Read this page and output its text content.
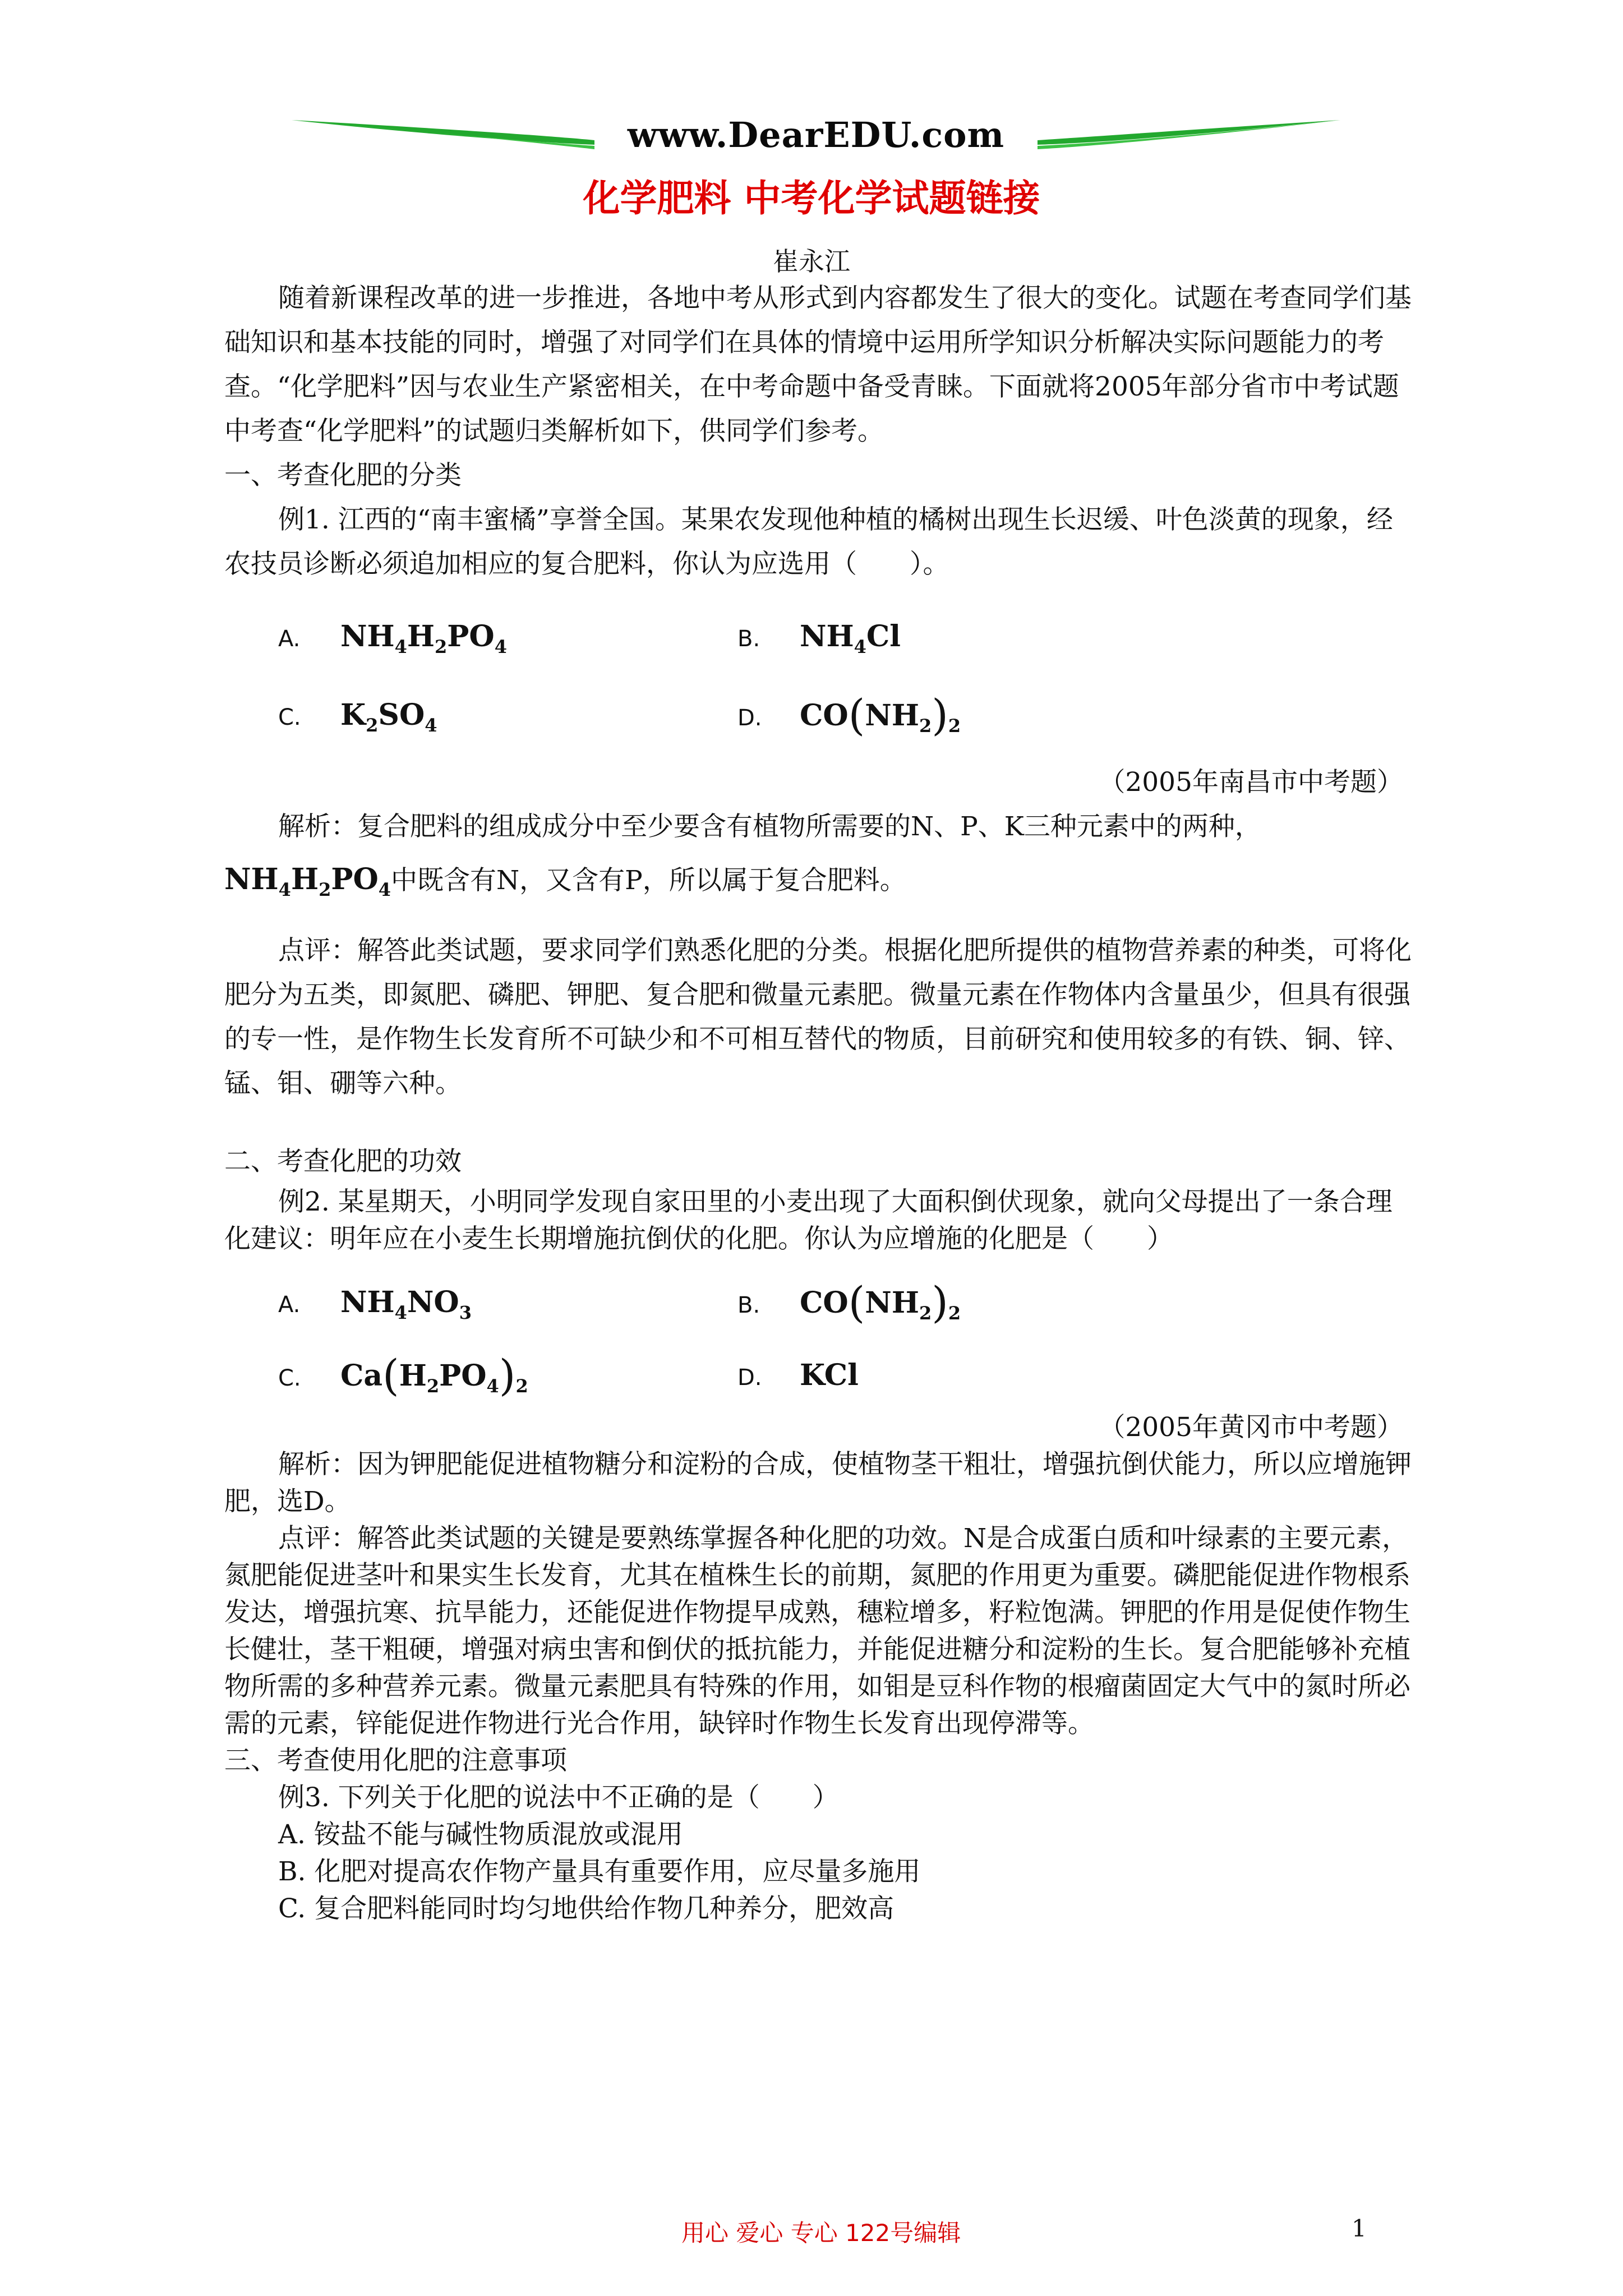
www.DearEDU.com
化学肥料 中考化学试题链接
崔永江

随着新课程改革的进一步推进，各地中考从形式到内容都发生了很大的变化。试题在考查同学们基础知识和基本技能的同时，增强了对同学们在具体的情境中运用所学知识分析解决实际问题能力的考查。“化学肥料”因与农业生产紧密相关，在中考命题中备受青睐。下面就将2005年部分省市中考试题中考查“化学肥料”的试题归类解析如下，供同学们参考。

一、考查化肥的分类

例1. 江西的“南丰蜜橘”享誉全国。某果农发现他种植的橘树出现生长迟缓、叶色淡黄的现象，经农技员诊断必须追加相应的复合肥料，你认为应选用（　　）。

A. $NH_4H_2PO_4$	B. $NH_4Cl$
C. $K_2SO_4$	D. $CO(NH_2)_2$

（2005年南昌市中考题）

解析：复合肥料的组成成分中至少要含有植物所需要的N、P、K三种元素中的两种，

$NH_4H_2PO_4$中既含有N，又含有P，所以属于复合肥料。

点评：解答此类试题，要求同学们熟悉化肥的分类。根据化肥所提供的植物营养素的种类，可将化肥分为五类，即氮肥、磷肥、钾肥、复合肥和微量元素肥。微量元素在作物体内含量虽少，但具有很强的专一性，是作物生长发育所不可缺少和不可相互替代的物质，目前研究和使用较多的有铁、铜、锌、锰、钼、硼等六种。

二、考查化肥的功效

例2. 某星期天，小明同学发现自家田里的小麦出现了大面积倒伏现象，就向父母提出了一条合理化建议：明年应在小麦生长期增施抗倒伏的化肥。你认为应增施的化肥是（　　）

A. $NH_4NO_3$	B. $CO(NH_2)_2$
C. $Ca(H_2PO_4)_2$	D. KCl

（2005年黄冈市中考题）

解析：因为钾肥能促进植物糖分和淀粉的合成，使植物茎干粗壮，增强抗倒伏能力，所以应增施钾肥，选D。

点评：解答此类试题的关键是要熟练掌握各种化肥的功效。N是合成蛋白质和叶绿素的主要元素，氮肥能促进茎叶和果实生长发育，尤其在植株生长的前期，氮肥的作用更为重要。磷肥能促进作物根系发达，增强抗寒、抗旱能力，还能促进作物提早成熟，穗粒增多，籽粒饱满。钾肥的作用是促使作物生长健壮，茎干粗硬，增强对病虫害和倒伏的抵抗能力，并能促进糖分和淀粉的生长。复合肥能够补充植物所需的多种营养元素。微量元素肥具有特殊的作用，如钼是豆科作物的根瘤菌固定大气中的氮时所必需的元素，锌能促进作物进行光合作用，缺锌时作物生长发育出现停滞等。

三、考查使用化肥的注意事项

例3. 下列关于化肥的说法中不正确的是（　　）

A. 铵盐不能与碱性物质混放或混用

B. 化肥对提高农作物产量具有重要作用，应尽量多施用

C. 复合肥料能同时均匀地供给作物几种养分，肥效高

用心 爱心 专心 122号编辑	1
